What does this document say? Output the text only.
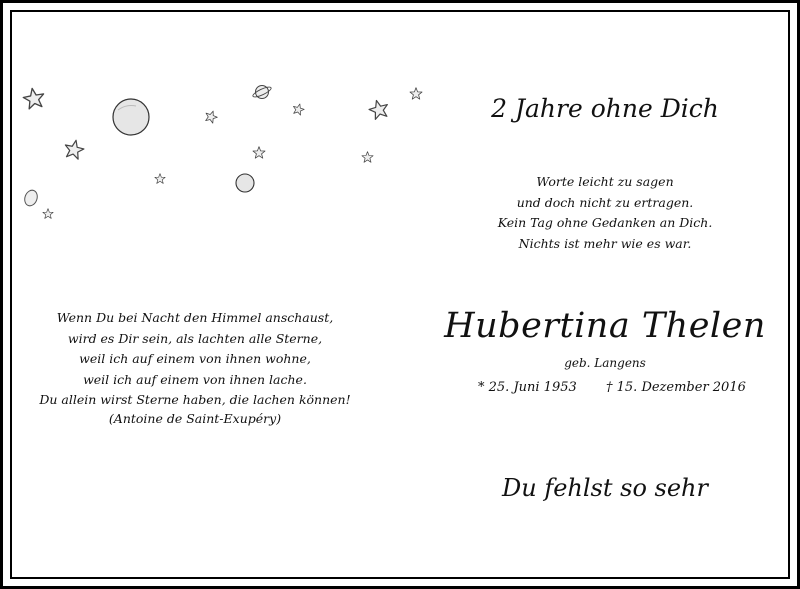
2 Jahre ohne Dich
Worte leicht zu sagen
und doch nicht zu ertragen.
Kein Tag ohne Gedanken an Dich.
Nichts ist mehr wie es war.
Hubertina Thelen
geb. Langens
* 25. Juni 1953 † 15. Dezember 2016
Du fehlst so sehr
Wenn Du bei Nacht den Himmel anschaust,
wird es Dir sein, als lachten alle Sterne,
weil ich auf einem von ihnen wohne,
weil ich auf einem von ihnen lache.
Du allein wirst Sterne haben, die lachen können!
(Antoine de Saint-Exupéry)
